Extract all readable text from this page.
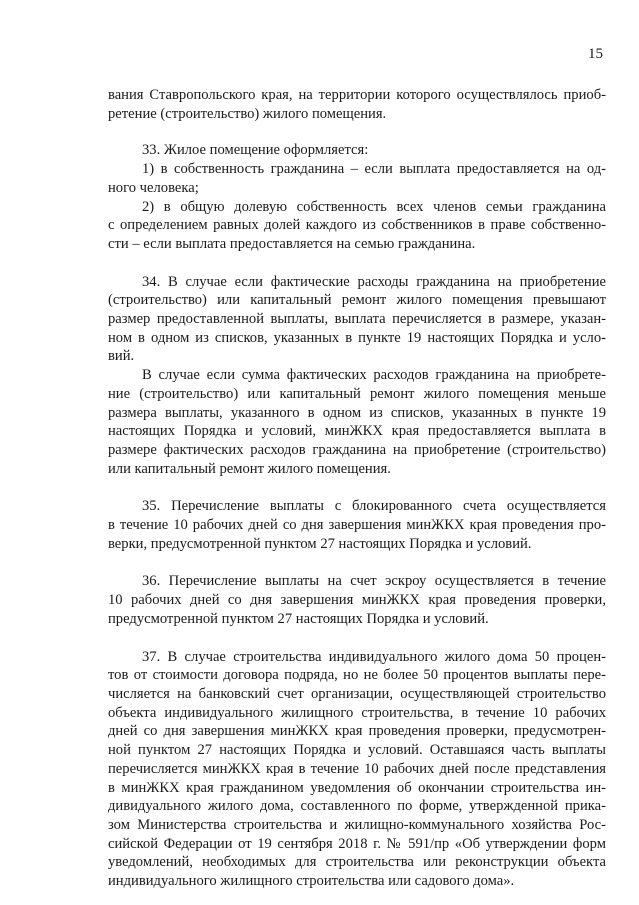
15
вания Ставропольского края, на территории которого осуществлялось приоб-
ретение (строительство) жилого помещения.
33. Жилое помещение оформляется:
1) в собственность гражданина – если выплата предоставляется на од-
ного человека;
2) в общую долевую собственность всех членов семьи гражданина
с определением равных долей каждого из собственников в праве собственно-
сти – если выплата предоставляется на семью гражданина.
34. В случае если фактические расходы гражданина на приобретение
(строительство) или капитальный ремонт жилого помещения превышают
размер предоставленной выплаты, выплата перечисляется в размере, указан-
ном в одном из списков, указанных в пункте 19 настоящих Порядка и усло-
вий.
В случае если сумма фактических расходов гражданина на приобрете-
ние (строительство) или капитальный ремонт жилого помещения меньше
размера выплаты, указанного в одном из списков, указанных в пункте 19
настоящих Порядка и условий, минЖКХ края предоставляется выплата в
размере фактических расходов гражданина на приобретение (строительство)
или капитальный ремонт жилого помещения.
35. Перечисление выплаты с блокированного счета осуществляется
в течение 10 рабочих дней со дня завершения минЖКХ края проведения про-
верки, предусмотренной пунктом 27 настоящих Порядка и условий.
36. Перечисление выплаты на счет эскроу осуществляется в течение
10 рабочих дней со дня завершения минЖКХ края проведения проверки,
предусмотренной пунктом 27 настоящих Порядка и условий.
37. В случае строительства индивидуального жилого дома 50 процен-
тов от стоимости договора подряда, но не более 50 процентов выплаты пере-
числяется на банковский счет организации, осуществляющей строительство
объекта индивидуального жилищного строительства, в течение 10 рабочих
дней со дня завершения минЖКХ края проведения проверки, предусмотрен-
ной пунктом 27 настоящих Порядка и условий. Оставшаяся часть выплаты
перечисляется минЖКХ края в течение 10 рабочих дней после представления
в минЖКХ края гражданином уведомления об окончании строительства ин-
дивидуального жилого дома, составленного по форме, утвержденной прика-
зом Министерства строительства и жилищно-коммунального хозяйства Рос-
сийской Федерации от 19 сентября 2018 г. № 591/пр «Об утверждении форм
уведомлений, необходимых для строительства или реконструкции объекта
индивидуального жилищного строительства или садового дома».
